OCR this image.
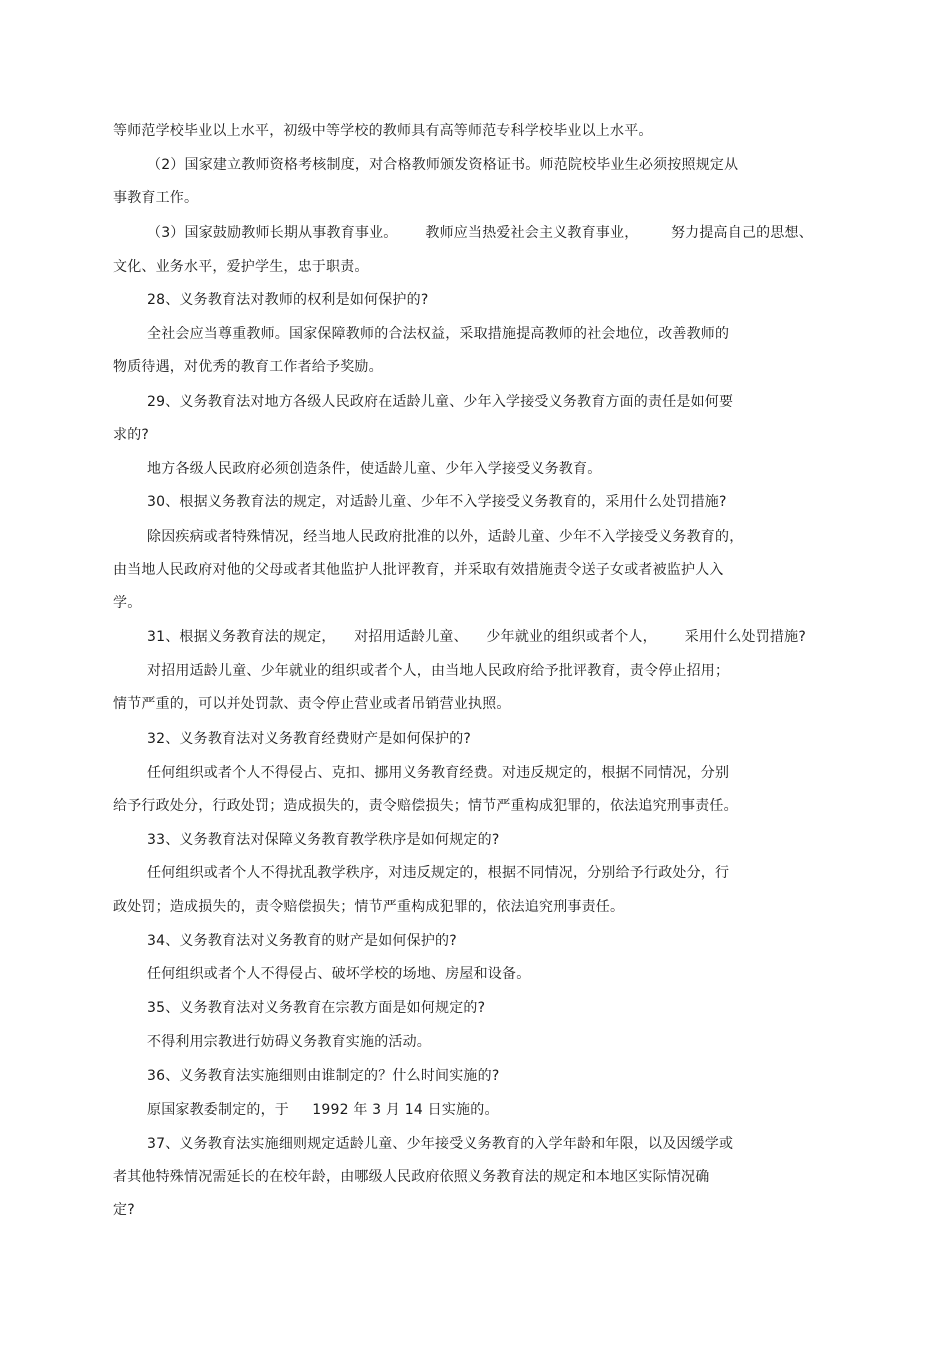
等师范学校毕业以上水平，初级中等学校的教师具有高等师范专科学校毕业以上水平。
（2）国家建立教师资格考核制度，对合格教师颁发资格证书。师范院校毕业生必须按照规定从
事教育工作。
（3）国家鼓励教师长期从事教育事业。      教师应当热爱社会主义教育事业，       努力提高自己的思想、
文化、业务水平，爱护学生，忠于职责。
28、义务教育法对教师的权利是如何保护的?
全社会应当尊重教师。国家保障教师的合法权益，采取措施提高教师的社会地位，改善教师的
物质待遇，对优秀的教育工作者给予奖励。
29、义务教育法对地方各级人民政府在适龄儿童、少年入学接受义务教育方面的责任是如何要
求的?
地方各级人民政府必须创造条件，使适龄儿童、少年入学接受义务教育。
30、根据义务教育法的规定，对适龄儿童、少年不入学接受义务教育的，采用什么处罚措施?
除因疾病或者特殊情况，经当地人民政府批准的以外，适龄儿童、少年不入学接受义务教育的，
由当地人民政府对他的父母或者其他监护人批评教育，并采取有效措施责令送子女或者被监护人入
学。
31、根据义务教育法的规定，    对招用适龄儿童、    少年就业的组织或者个人，      采用什么处罚措施?
对招用适龄儿童、少年就业的组织或者个人，由当地人民政府给予批评教育，责令停止招用；
情节严重的，可以并处罚款、责令停止营业或者吊销营业执照。
32、义务教育法对义务教育经费财产是如何保护的?
任何组织或者个人不得侵占、克扣、挪用义务教育经费。对违反规定的，根据不同情况，分别
给予行政处分，行政处罚；造成损失的，责令赔偿损失；情节严重构成犯罪的，依法追究刑事责任。
33、义务教育法对保障义务教育教学秩序是如何规定的?
任何组织或者个人不得扰乱教学秩序，对违反规定的，根据不同情况，分别给予行政处分，行
政处罚；造成损失的，责令赔偿损失；情节严重构成犯罪的，依法追究刑事责任。
34、义务教育法对义务教育的财产是如何保护的?
任何组织或者个人不得侵占、破坏学校的场地、房屋和设备。
35、义务教育法对义务教育在宗教方面是如何规定的?
不得利用宗教进行妨碍义务教育实施的活动。
36、义务教育法实施细则由谁制定的？什么时间实施的?
原国家教委制定的，于     1992 年 3 月 14 日实施的。
37、义务教育法实施细则规定适龄儿童、少年接受义务教育的入学年龄和年限，以及因缓学或
者其他特殊情况需延长的在校年龄，由哪级人民政府依照义务教育法的规定和本地区实际情况确
定?
